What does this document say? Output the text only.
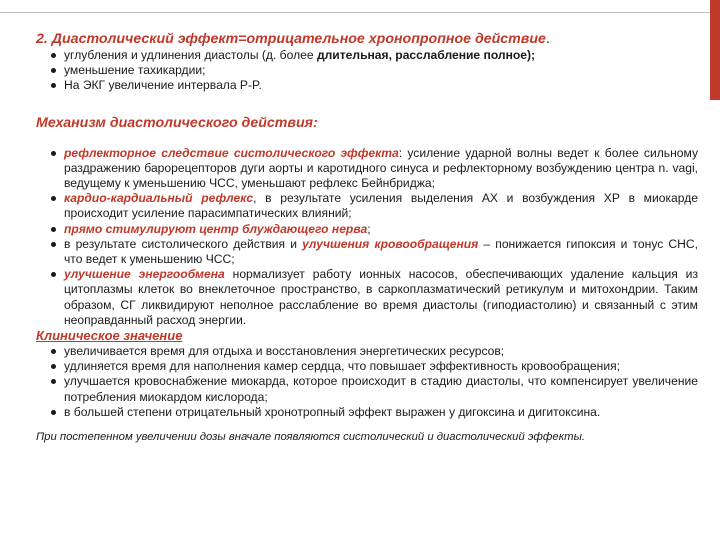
2. Диастолический эффект=отрицательное хронопропное действие.
углубления и удлинения диастолы (д. более длительная, расслабление полное);
уменьшение тахикардии;
На ЭКГ увеличение интервала P-P.
Механизм диастолического действия:
рефлекторное следствие систолического эффекта: усиление ударной волны ведет к более сильному раздражению барорецепторов дуги аорты и каротидного синуса и рефлекторному возбуждению центра n. vagi, ведущему к уменьшению ЧСС, уменьшают рефлекс Бейнбриджа;
кардио-кардиальный рефлекс, в результате усиления выделения АХ и возбуждения ХР в миокарде происходит усиление парасимпатических влияний;
прямо стимулируют центр блуждающего нерва;
в результате систолического действия и улучшения кровообращения – понижается гипоксия и тонус СНС, что ведет к уменьшению ЧСС;
улучшение энергообмена нормализует работу ионных насосов, обеспечивающих удаление кальция из цитоплазмы клеток во внеклеточное пространство, в саркоплазматический ретикулум и митохондрии. Таким образом, СГ ликвидируют неполное расслабление во время диастолы (гиподиастолию) и связанный с этим неоправданный расход энергии.
Клиническое значение
увеличивается время для отдыха и восстановления энергетических ресурсов;
удлиняется время для наполнения камер сердца, что повышает эффективность кровообращения;
улучшается кровоснабжение миокарда, которое происходит в стадию диастолы, что компенсирует увеличение потребления миокардом кислорода;
в большей степени отрицательный хронотропный эффект выражен у дигоксина и дигитоксина.
При постепенном увеличении дозы вначале появляются систолический и диастолический эффекты.
